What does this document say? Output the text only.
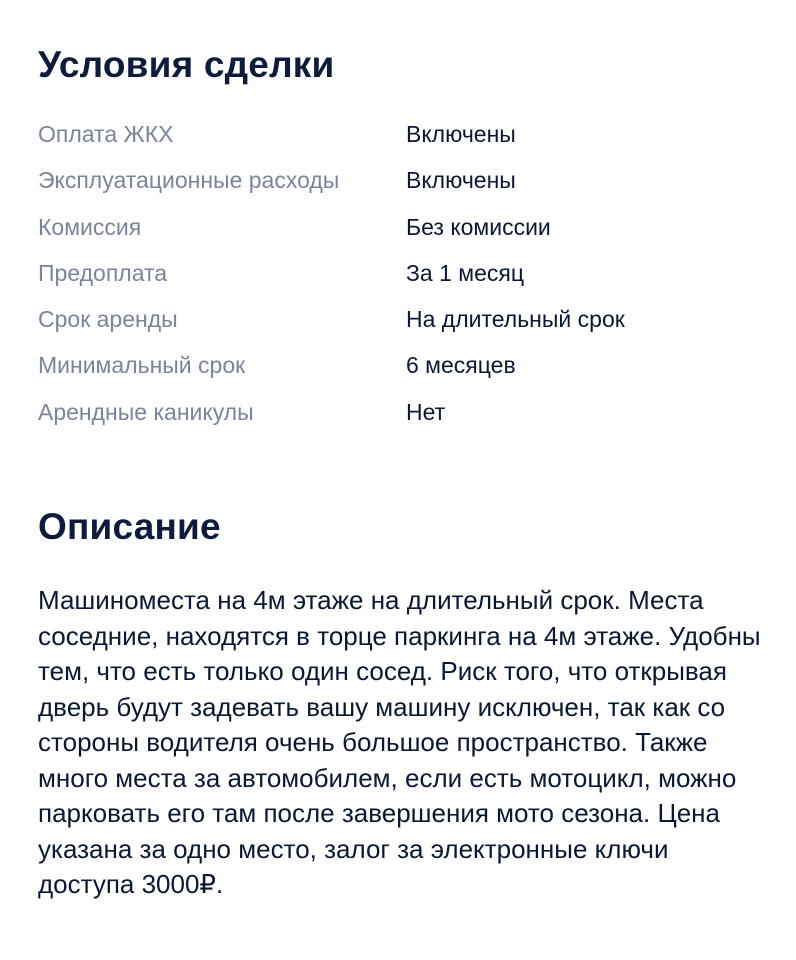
Условия сделки
Оплата ЖКХ	Включены
Эксплуатационные расходы	Включены
Комиссия	Без комиссии
Предоплата	За 1 месяц
Срок аренды	На длительный срок
Минимальный срок	6 месяцев
Арендные каникулы	Нет
Описание

Машиноместа на 4м этаже на длительный срок. Места соседние, находятся в торце паркинга на 4м этаже. Удобны тем, что есть только один сосед. Риск того, что открывая дверь будут задевать вашу машину исключен, так как со стороны водителя очень большое пространство. Также много места за автомобилем, если есть мотоцикл, можно парковать его там после завершения мото сезона. Цена указана за одно место, залог за электронные ключи доступа 3000₽.
